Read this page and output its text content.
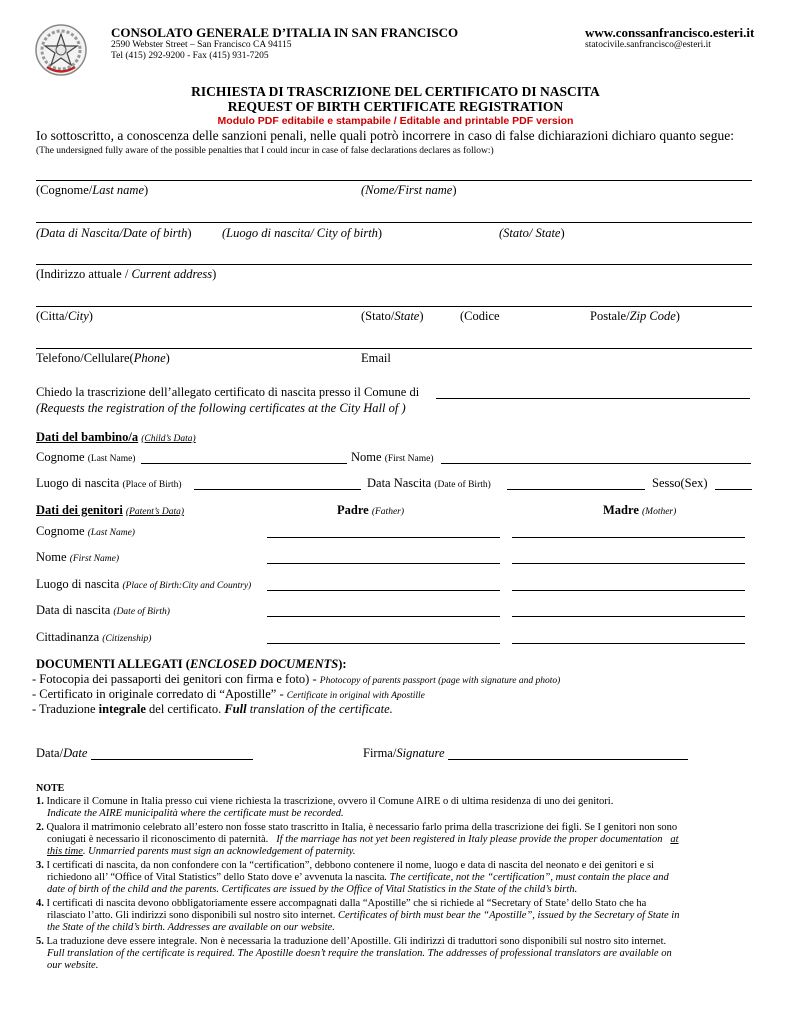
CONSOLATO GENERALE D’ITALIA IN SAN FRANCISCO
2590 Webster Street – San Francisco CA 94115
Tel (415) 292-9200 - Fax (415) 931-7205
www.conssanfrancisco.esteri.it
statocivile.sanfrancisco@esteri.it
RICHIESTA DI TRASCRIZIONE DEL CERTIFICATO DI NASCITA
REQUEST OF BIRTH CERTIFICATE REGISTRATION
Modulo PDF editabile e stampabile / Editable and printable PDF version
Io sottoscritto, a conoscenza delle sanzioni penali, nelle quali potrò incorrere in caso di false dichiarazioni dichiaro quanto segue:
(The undersigned fully aware of the possible penalties that I could incur in case of false declarations declares as follow:)
(Cognome/Last name)	(Nome/First name)
(Data di Nascita/Date of birth) (Luogo di nascita/ City of birth)	(Stato/ State)
(Indirizzo attuale / Current address)
(Citta/City)	(Stato/State)	(Codice	Postale/Zip Code)
Telefono/Cellulare(Phone)	Email
Chiedo la trascrizione dell’allegato certificato di nascita presso il Comune di
(Requests the registration of the following certificates at the City Hall of )
Dati del bambino/a (Child’s Data)
Cognome (Last Name)	Nome (First Name)
Luogo di nascita (Place of Birth)	Data Nascita (Date of Birth)	Sesso(Sex)
Dati dei genitori (Patent’s Data)	Padre (Father)	Madre (Mother)
Cognome (Last Name)
Nome (First Name)
Luogo di nascita (Place of Birth:City and Country)
Data di nascita (Date of Birth)
Cittadinanza (Citizenship)
DOCUMENTI ALLEGATI (ENCLOSED DOCUMENTS):
- Fotocopia dei passaporti dei genitori con firma e foto) - Photocopy of parents passport (page with signature and photo)
- Certificato in originale corredato di “Apostille” - Certificate in original with Apostille
- Traduzione integrale del certificato. Full translation of the certificate.
Data/Date	Firma/Signature
NOTE
1. Indicare il Comune in Italia presso cui viene richiesta la trascrizione, ovvero il Comune AIRE o di ultima residenza di uno dei genitori.
Indicate the AIRE municipalità where the certificate must be recorded.
2. Qualora il matrimonio celebrato all’estero non fosse stato trascritto in Italia, è necessario farlo prima della trascrizione dei figli. Se I genitori non sono
coniugati è necessario il riconoscimento di paternità. If the marriage has not yet been registered in Italy please provide the proper documentation at
this time. Unmarried parents must sign an acknowledgement of paternity.
3. I certificati di nascita, da non confondere con la “certification”, debbono contenere il nome, luogo e data di nascita del neonato e dei genitori e si
richiedono all’ “Office of Vital Statistics” dello Stato dove e’ avvenuta la nascita. The certificate, not the “certification”, must contain the place and
date of birth of the child and the parents. Certificates are issued by the Office of Vital Statistics in the State of the child’s birth.
4. I certificati di nascita devono obbligatoriamente essere accompagnati dalla “Apostille” che si richiede al “Secretary of State’ dello Stato che ha
rilasciato l’atto. Gli indirizzi sono disponibili sul nostro sito internet. Certificates of birth must bear the “Apostille”, issued by the Secretary of State in
the State of the child’s birth. Addresses are available on our website.
5. La traduzione deve essere integrale. Non è necessaria la traduzione dell’Apostille. Gli indirizzi di traduttori sono disponibili sul nostro sito internet.
Full translation of the certificate is required. The Apostille doesn’t require the translation. The addresses of professional translators are available on
our website.
